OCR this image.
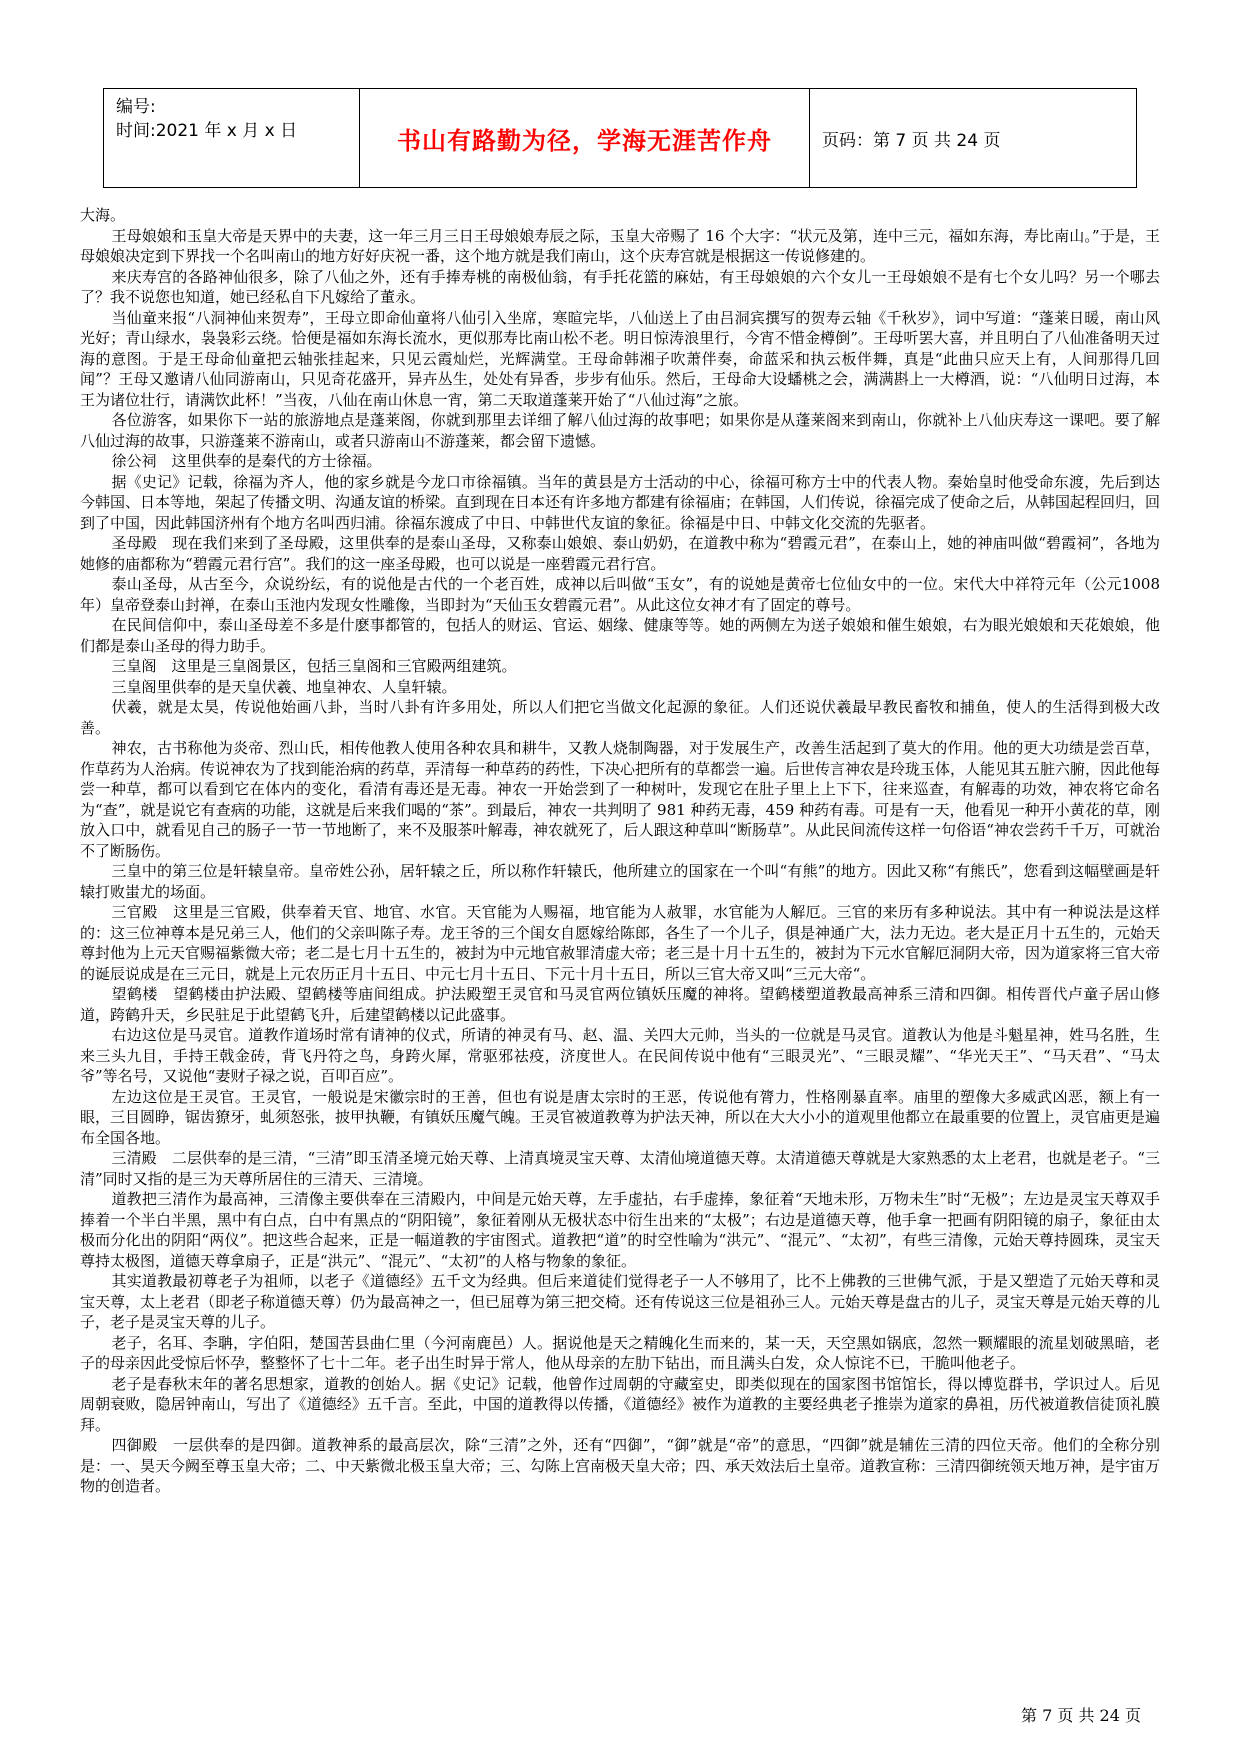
编号:
时间:2021 年 x 月 x 日	书山有路勤为径，学海无涯苦作舟	页码：第 7 页 共 24 页

大海。

王母娘娘和玉皇大帝是天界中的夫妻，这一年三月三日王母娘娘寿辰之际，玉皇大帝赐了 16 个大字：“状元及第，连中三元，福如东海，寿比南山。”于是，王母娘娘决定到下界找一个名叫南山的地方好好庆祝一番，这个地方就是我们南山，这个庆寿宫就是根据这一传说修建的。

来庆寿宫的各路神仙很多，除了八仙之外，还有手捧寿桃的南极仙翁，有手托花篮的麻姑，有王母娘娘的六个女儿一王母娘娘不是有七个女儿吗？另一个哪去了？我不说您也知道，她已经私自下凡嫁给了董永。

当仙童来报“八洞神仙来贺寿”，王母立即命仙童将八仙引入坐席，寒暄完毕，八仙送上了由吕洞宾撰写的贺寿云轴《千秋岁》，词中写道：“蓬莱日暖，南山风光好；青山绿水，袅袅彩云绕。恰便是福如东海长流水，更似那寿比南山松不老。明日惊涛浪里行，今宵不惜金樽倒”。王母听罢大喜，并且明白了八仙准备明天过海的意图。于是王母命仙童把云轴张挂起来，只见云霞灿烂，光辉满堂。王母命韩湘子吹萧伴奏，命蓝采和执云板伴舞，真是“此曲只应天上有，人间那得几回闻”？王母又邀请八仙同游南山，只见奇花盛开，异卉丛生，处处有异香，步步有仙乐。然后，王母命大设蟠桃之会，满满斟上一大樽酒，说：“八仙明日过海，本王为诸位壮行，请满饮此杯！”当夜，八仙在南山休息一宵，第二天取道蓬莱开始了“八仙过海”之旅。

各位游客，如果你下一站的旅游地点是蓬莱阁，你就到那里去详细了解八仙过海的故事吧；如果你是从蓬莱阁来到南山，你就补上八仙庆寿这一课吧。要了解八仙过海的故事，只游蓬莱不游南山，或者只游南山不游蓬莱，都会留下遗憾。

徐公祠　这里供奉的是秦代的方士徐福。

据《史记》记载，徐福为齐人，他的家乡就是今龙口市徐福镇。当年的黄县是方士活动的中心，徐福可称方士中的代表人物。秦始皇时他受命东渡，先后到达今韩国、日本等地，架起了传播文明、沟通友谊的桥梁。直到现在日本还有许多地方都建有徐福庙；在韩国，人们传说，徐福完成了使命之后，从韩国起程回归，回到了中国，因此韩国济州有个地方名叫西归浦。徐福东渡成了中日、中韩世代友谊的象征。徐福是中日、中韩文化交流的先驱者。

圣母殿　现在我们来到了圣母殿，这里供奉的是泰山圣母，又称泰山娘娘、泰山奶奶，在道教中称为“碧霞元君”，在泰山上，她的神庙叫做“碧霞祠”，各地为她修的庙都称为“碧霞元君行宫”。我们的这一座圣母殿，也可以说是一座碧霞元君行宫。

泰山圣母，从古至今，众说纷纭，有的说他是古代的一个老百姓，成神以后叫做“玉女”，有的说她是黄帝七位仙女中的一位。宋代大中祥符元年（公元1008年）皇帝登泰山封禅，在泰山玉池内发现女性雕像，当即封为“天仙玉女碧霞元君”。从此这位女神才有了固定的尊号。

在民间信仰中，泰山圣母差不多是什麽事都管的，包括人的财运、官运、姻缘、健康等等。她的两侧左为送子娘娘和催生娘娘，右为眼光娘娘和天花娘娘，他们都是泰山圣母的得力助手。

三皇阁　这里是三皇阁景区，包括三皇阁和三官殿两组建筑。

三皇阁里供奉的是天皇伏羲、地皇神农、人皇轩辕。

伏羲，就是太昊，传说他始画八卦，当时八卦有许多用处，所以人们把它当做文化起源的象征。人们还说伏羲最早教民畜牧和捕鱼，使人的生活得到极大改善。

神农，古书称他为炎帝、烈山氏，相传他教人使用各种农具和耕牛，又教人烧制陶器，对于发展生产，改善生活起到了莫大的作用。他的更大功绩是尝百草，作草药为人治病。传说神农为了找到能治病的药草，弄清每一种草药的药性，下决心把所有的草都尝一遍。后世传言神农是玲珑玉体，人能见其五脏六腑，因此他每尝一种草，都可以看到它在体内的变化，看清有毒还是无毒。神农一开始尝到了一种树叶，发现它在肚子里上上下下，往来巡查，有解毒的功效，神农将它命名为“查”，就是说它有查病的功能，这就是后来我们喝的“茶”。到最后，神农一共判明了 981 种药无毒，459 种药有毒。可是有一天，他看见一种开小黄花的草，刚放入口中，就看见自己的肠子一节一节地断了，来不及服茶叶解毒，神农就死了，后人跟这种草叫“断肠草”。从此民间流传这样一句俗语“神农尝药千千万，可就治不了断肠伤。

三皇中的第三位是轩辕皇帝。皇帝姓公孙，居轩辕之丘，所以称作轩辕氏，他所建立的国家在一个叫“有熊”的地方。因此又称“有熊氏”，您看到这幅壁画是轩辕打败蚩尤的场面。

三官殿　这里是三官殿，供奉着天官、地官、水官。天官能为人赐福，地官能为人赦罪，水官能为人解厄。三官的来历有多种说法。其中有一种说法是这样的：这三位神尊本是兄弟三人，他们的父亲叫陈子寿。龙王爷的三个闺女自愿嫁给陈郎，各生了一个儿子，俱是神通广大，法力无边。老大是正月十五生的，元始天尊封他为上元天官赐福紫微大帝；老二是七月十五生的，被封为中元地官赦罪清虚大帝；老三是十月十五生的，被封为下元水官解厄洞阴大帝，因为道家将三官大帝的诞辰说成是在三元日，就是上元农历正月十五日、中元七月十五日、下元十月十五日，所以三官大帝又叫“三元大帝“。

望鹤楼　望鹤楼由护法殿、望鹤楼等庙间组成。护法殿塑王灵官和马灵官两位镇妖压魔的神将。望鹤楼塑道教最高神系三清和四御。相传晋代卢童子居山修道，跨鹤升天，乡民驻足于此望鹤飞升，后建望鹤楼以记此盛事。

右边这位是马灵官。道教作道场时常有请神的仪式，所请的神灵有马、赵、温、关四大元帅，当头的一位就是马灵官。道教认为他是斗魁星神，姓马名胜，生来三头九目，手持王戟金砖，背飞丹符之鸟，身跨火犀，常驱邪祛疫，济度世人。在民间传说中他有“三眼灵光”、“三眼灵耀”、“华光天王”、“马天君”、“马太爷”等名号，又说他“妻财子禄之说，百叩百应”。

左边这位是王灵官。王灵官，一般说是宋徽宗时的王善，但也有说是唐太宗时的王恶，传说他有膂力，性格刚暴直率。庙里的塑像大多威武凶恶，额上有一眼，三目圆睁，锯齿獠牙，虬须怒张，披甲执鞭，有镇妖压魔气魄。王灵官被道教尊为护法天神，所以在大大小小的道观里他都立在最重要的位置上，灵官庙更是遍布全国各地。

三清殿　二层供奉的是三清，“三清”即玉清圣境元始天尊、上清真境灵宝天尊、太清仙境道德天尊。太清道德天尊就是大家熟悉的太上老君，也就是老子。“三清”同时又指的是三为天尊所居住的三清天、三清境。

道教把三清作为最高神，三清像主要供奉在三清殿内，中间是元始天尊，左手虚拈，右手虚捧，象征着“天地未形，万物未生”时“无极”；左边是灵宝天尊双手捧着一个半白半黑，黑中有白点，白中有黑点的“阴阳镜”，象征着刚从无极状态中衍生出来的“太极”；右边是道德天尊，他手拿一把画有阴阳镜的扇子，象征由太极而分化出的阴阳“两仪”。把这些合起来，正是一幅道教的宇宙图式。道教把“道”的时空性喻为“洪元”、“混元”、“太初”，有些三清像，元始天尊持圆珠，灵宝天尊持太极图，道德天尊拿扇子，正是“洪元”、“混元”、“太初”的人格与物象的象征。

其实道教最初尊老子为祖师，以老子《道德经》五千文为经典。但后来道徒们觉得老子一人不够用了，比不上佛教的三世佛气派，于是又塑造了元始天尊和灵宝天尊，太上老君（即老子称道德天尊）仍为最高神之一，但已屈尊为第三把交椅。还有传说这三位是祖孙三人。元始天尊是盘古的儿子，灵宝天尊是元始天尊的儿子，老子是灵宝天尊的儿子。

老子，名耳、李聃，字伯阳，楚国苦县曲仁里（今河南鹿邑）人。据说他是天之精魄化生而来的，某一天，天空黑如锅底，忽然一颗耀眼的流星划破黑暗，老子的母亲因此受惊后怀孕，整整怀了七十二年。老子出生时异于常人，他从母亲的左肋下钻出，而且满头白发，众人惊诧不已，干脆叫他老子。

老子是春秋末年的著名思想家，道教的创始人。据《史记》记载，他曾作过周朝的守藏室史，即类似现在的国家图书馆馆长，得以博览群书，学识过人。后见周朝衰败，隐居钟南山，写出了《道德经》五千言。至此，中国的道教得以传播，《道德经》被作为道教的主要经典老子推崇为道家的鼻祖，历代被道教信徒顶礼膜拜。

四御殿　一层供奉的是四御。道教神系的最高层次，除“三清”之外，还有“四御”，“御”就是“帝”的意思，“四御”就是辅佐三清的四位天帝。他们的全称分别是：一、昊天今阙至尊玉皇大帝；二、中天紫微北极玉皇大帝；三、勾陈上宫南极天皇大帝；四、承天效法后土皇帝。道教宣称：三清四御统领天地万神，是宇宙万物的创造者。

第 7 页 共 24 页
